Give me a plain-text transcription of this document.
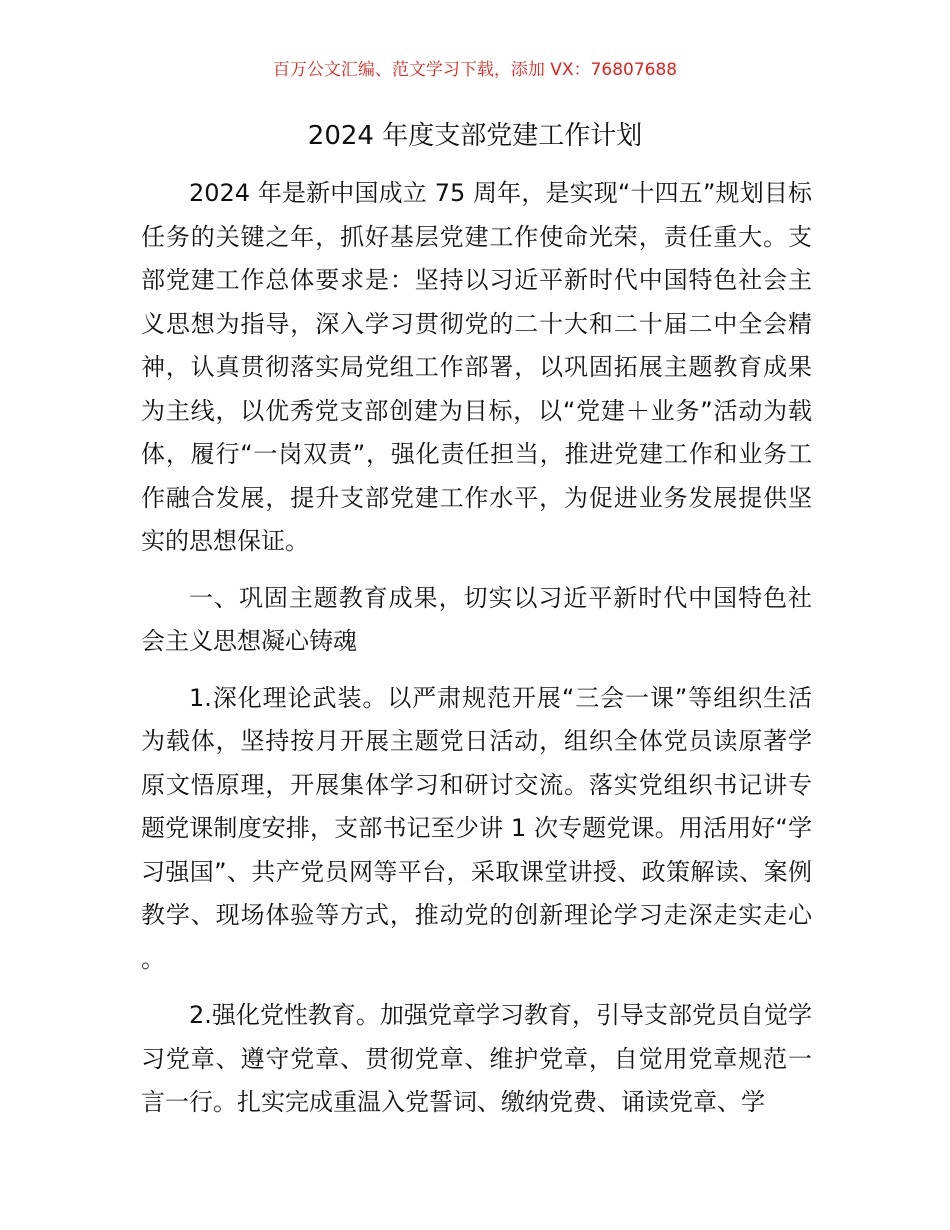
百万公文汇编、范文学习下载，添加 VX：76807688
2024 年度支部党建工作计划

2024 年是新中国成立 75 周年，是实现“十四五”规划目标任务的关键之年，抓好基层党建工作使命光荣，责任重大。支部党建工作总体要求是：坚持以习近平新时代中国特色社会主义思想为指导，深入学习贯彻党的二十大和二十届二中全会精神，认真贯彻落实局党组工作部署，以巩固拓展主题教育成果为主线，以优秀党支部创建为目标，以“党建＋业务”活动为载体，履行“一岗双责”，强化责任担当，推进党建工作和业务工作融合发展，提升支部党建工作水平，为促进业务发展提供坚实的思想保证。

一、巩固主题教育成果，切实以习近平新时代中国特色社会主义思想凝心铸魂

1.深化理论武装。以严肃规范开展“三会一课”等组织生活为载体，坚持按月开展主题党日活动，组织全体党员读原著学原文悟原理，开展集体学习和研讨交流。落实党组织书记讲专题党课制度安排，支部书记至少讲 1 次专题党课。用活用好“学习强国”、共产党员网等平台，采取课堂讲授、政策解读、案例教学、现场体验等方式，推动党的创新理论学习走深走实走心。

2.强化党性教育。加强党章学习教育，引导支部党员自觉学习党章、遵守党章、贯彻党章、维护党章，自觉用党章规范一言一行。扎实完成重温入党誓词、缴纳党费、诵读党章、学
